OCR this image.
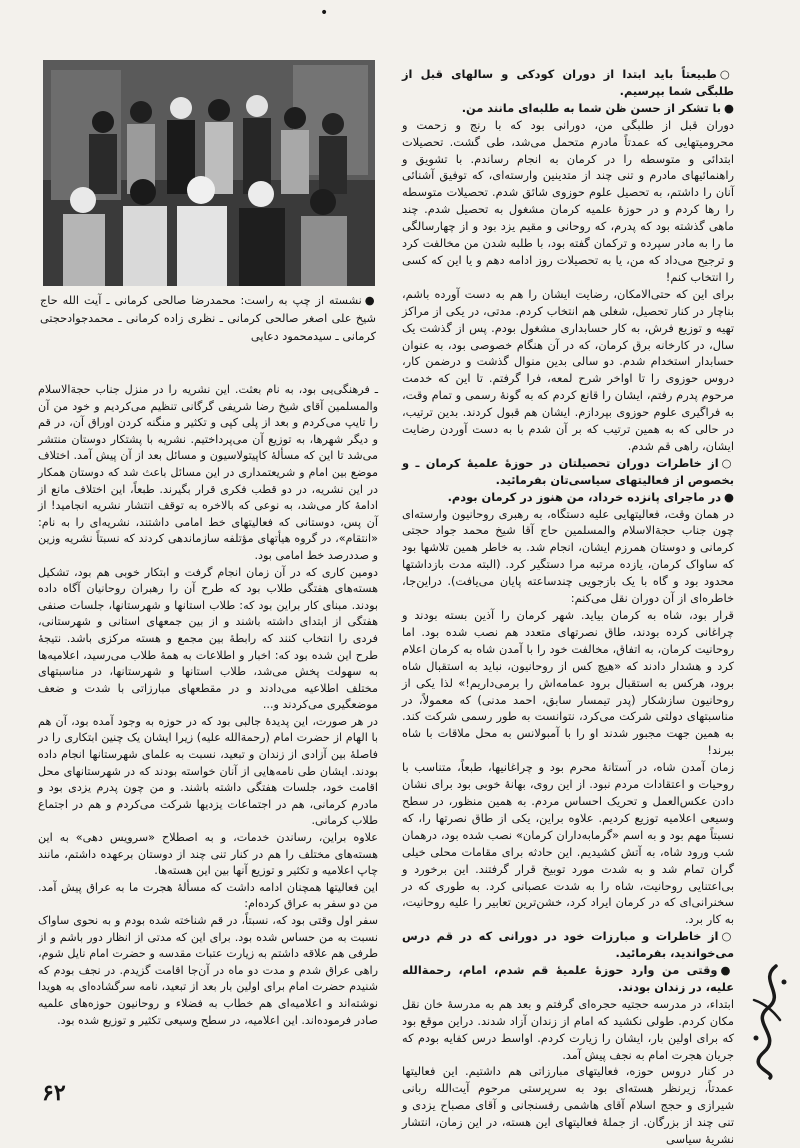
•
●نشسته از چپ به راست: محمدرضا صالحی کرمانی ـ آیت الله حاج شیخ علی اصغر صالحی کرمانی ـ نظری زاده کرمانی ـ محمدجوادحجتی کرمانی ـ سیدمحمود دعایی

○طبیعتاً باید ابتدا از دوران کودکی و سالهای قبل از طلبگی شما بپرسیم.

●با تشکر از حسن ظن شما به طلبه‌ای مانند من.

دوران قبل از طلبگی من، دورانی بود که با رنج و زحمت و محرومیتهایی که عمدتاً مادرم متحمل می‌شد، طی گشت. تحصیلات ابتدائی و متوسطه را در کرمان به انجام رساندم. با تشویق و راهنمائیهای مادرم و تنی چند از متدینین وارسته‌ای، که توفیق آشنائی آنان را داشتم، به تحصیل علوم حوزوی شائق شدم. تحصیلات متوسطه را رها کردم و در حوزهٔ علمیه کرمان مشغول به تحصیل شدم. چند ماهی گذشته بود که پدرم، که روحانی و مقیم یزد بود و از چهارسالگی ما را به مادر سپرده و ترکمان گفته بود، با طلبه شدن من مخالفت کرد و ترجیح می‌داد که من، یا به تحصیلات روز ادامه دهم و یا این که کسی را انتخاب کنم!

برای این که حتی‌الامکان، رضایت ایشان را هم به دست آورده باشم، بناچار در کنار تحصیل، شغلی هم انتخاب کردم. مدتی، در یکی از مراکز تهیه و توزیع فرش، به کار حسابداری مشغول بودم. پس از گذشت یک سال، در کارخانه برق کرمان، که در آن هنگام خصوصی بود، به عنوان حسابدار استخدام شدم. دو سالی بدین منوال گذشت و درضمن کار، دروس حوزوی را تا اواخر شرح لمعه، فرا گرفتم. تا این که خدمت مرحوم پدرم رفتم، ایشان را قانع کردم که به گونهٔ رسمی و تمام وقت، به فراگیری علوم حوزوی بپردازم. ایشان هم قبول کردند. بدین ترتیب، در حالی که به همین ترتیب که بر آن شدم با به دست آوردن رضایت ایشان، راهی قم شدم.

○از خاطرات دوران تحصیلتان در حوزهٔ علمیهٔ کرمان ـ و بخصوص از فعالیتهای سیاسی‌تان بفرمائید.

●در ماجرای پانزده خرداد، من هنوز در کرمان بودم.

در همان وقت، فعالیتهایی علیه دستگاه، به رهبری روحانیون وارسته‌ای چون جناب حجةالاسلام والمسلمین حاج آقا شیخ محمد جواد حجتی کرمانی و دوستان همرزم ایشان، انجام شد. به خاطر همین تلاشها بود که ساواک کرمان، یازده مرتبه مرا دستگیر کرد. (البته مدت بازداشتها محدود بود و گاه با یک بازجویی چندساعته پایان می‌یافت). دراین‌جا، خاطره‌ای از آن دوران نقل می‌کنم:

قرار بود، شاه به کرمان بیاید. شهر کرمان را آذین بسته بودند و چراغانی کرده بودند، طاق نصرتهای متعدد هم نصب شده بود. اما روحانیت کرمان، به اتفاق، مخالفت خود را با آمدن شاه به کرمان اعلام کرد و هشدار دادند که «هیچ کس از روحانیون، نباید به استقبال شاه برود، هرکس به استقبال برود عمامه‌اش را برمی‌داریم!» لذا یکی از روحانیون سازشکار (پدر تیمسار سابق، احمد مدنی) که معمولاً، در مناسبتهای دولتی شرکت می‌کرد، نتوانست به طور رسمی شرکت کند. به همین جهت مجبور شدند او را با آمبولانس به محل ملاقات با شاه ببرند!

زمان آمدن شاه، در آستانهٔ محرم بود و چراغانیها، طبعاً، متناسب با روحیات و اعتقادات مردم نبود. از این روی، بهانهٔ خوبی بود برای نشان دادن عکس‌العمل و تحریک احساس مردم. به همین منظور، در سطح وسیعی اعلامیه توزیع کردیم. علاوه براین، یکی از طاق نصرتها را، که نسبتاً مهم بود و به اسم «گرمابه‌داران کرمان» نصب شده بود، درهمان شب ورود شاه، به آتش کشیدیم. این حادثه برای مقامات محلی خیلی گران تمام شد و به شدت مورد توبیخ قرار گرفتند. این برخورد و بی‌اعتنایی روحانیت، شاه را به شدت عصبانی کرد. به طوری که در سخنرانی‌ای که در کرمان ایراد کرد، خشن‌ترین تعابیر را علیه روحانیت، به کار برد.

○از خاطرات و مبارزات خود در دورانی که در قم درس می‌خواندید، بفرمائید.

●وقتی من وارد حوزهٔ علمیهٔ قم شدم، امام، رحمةالله علیه، در زندان بودند.

ابتداء، در مدرسه حجتیه حجره‌ای گرفتم و بعد هم به مدرسهٔ خان نقل مکان کردم. طولی نکشید که امام از زندان آزاد شدند. دراین موقع بود که برای اولین بار، ایشان را زیارت کردم. اواسط درس کفایه بودم که جریان هجرت امام به نجف پیش آمد.

در کنار دروس حوزه، فعالیتهای مبارزاتی هم داشتیم. این فعالیتها عمدتاً، زیرنظر هسته‌ای بود به سرپرستی مرحوم آیت‌الله ربانی شیرازی و حجج اسلام آقای هاشمی رفسنجانی و آقای مصباح یزدی و تنی چند از بزرگان. از جملهٔ فعالیتهای این هسته، در این زمان، انتشار نشریهٔ سیاسی

ـ فرهنگی‌یی بود، به نام بعثت. این نشریه را در منزل جناب حجةالاسلام والمسلمین آقای شیخ رضا شریفی گرگانی تنظیم می‌کردیم و خود من آن را تایپ می‌کردم و بعد از پلی کپی و تکثیر و منگنه کردن اوراق آن، در قم و دیگر شهرها، به توزیع آن می‌پرداختیم. نشریه با پشتکار دوستان منتشر می‌شد تا این که مسألهٔ کاپیتولاسیون و مسائل بعد از آن پیش آمد. اختلاف موضع بین امام و شریعتمداری در این مسائل باعث شد که دوستان همکار در این نشریه، در دو قطب فکری قرار بگیرند. طبعاً، این اختلاف مانع از ادامهٔ کار می‌شد، به نوعی که بالاخره به توقف انتشار نشریه انجامید! از آن پس، دوستانی که فعالیتهای خط امامی داشتند، نشریه‌ای را به نام: «انتقام»، در گروه هیأتهای مؤتلفه سازماندهی کردند که نسبتاً نشریه وزین و صددرصد خط امامی بود.

دومین کاری که در آن زمان انجام گرفت و ابتکار خوبی هم بود، تشکیل هسته‌های هفتگی طلاب بود که طرح آن را رهبران روحانیان آگاه داده بودند. مبنای کار براین بود که: طلاب استانها و شهرستانها، جلسات صنفی هفتگی از ابتدای داشته باشند و از بین جمعهای استانی و شهرستانی، فردی را انتخاب کنند که رابطهٔ بین مجمع و هسته مرکزی باشد. نتیجهٔ طرح این شده بود که: اخبار و اطلاعات به همهٔ طلاب می‌رسید، اعلامیه‌ها به سهولت پخش می‌شد، طلاب استانها و شهرستانها، در مناسبتهای مختلف اطلاعیه می‌دادند و در مقطعهای مبارزاتی با شدت و ضعف موضعگیری می‌کردند و...

در هر صورت، این پدیدهٔ جالبی بود که در حوزه به وجود آمده بود، آن هم با الهام از حضرت امام (رحمةالله علیه) زیرا ایشان یک چنین ابتکاری را در فاصلهٔ بین آزادی از زندان و تبعید، نسبت به علمای شهرستانها انجام داده بودند. ایشان طی نامه‌هایی از آنان خواسته بودند که در شهرستانهای محل اقامت خود، جلسات هفتگی داشته باشند. و من چون پدرم یزدی بود و مادرم کرمانی، هم در اجتماعات یزدیها شرکت می‌کردم و هم در اجتماع طلاب کرمانی.

علاوه براین، رساندن خدمات، و به اصطلاح «سرویس دهی» به این هسته‌های مختلف را هم در کنار تنی چند از دوستان برعهده داشتم، مانند چاپ اعلامیه و تکثیر و توزیع آنها بین این هسته‌ها.

این فعالیتها همچنان ادامه داشت که مسألهٔ هجرت ما به عراق پیش آمد. من دو سفر به عراق کرده‌ام:

سفر اول وقتی بود که، نسبتاً، در قم شناخته شده بودم و به نحوی ساواک نسبت به من حساس شده بود. برای این که مدتی از انظار دور باشم و از طرفی هم علاقه داشتم به زیارت عتبات مقدسه و حضرت امام نایل شوم، راهی عراق شدم و مدت دو ماه در آن‌جا اقامت گزیدم. در نجف بودم که شنیدم حضرت امام برای اولین بار بعد از تبعید، نامه سرگشاده‌ای به هویدا نوشته‌اند و اعلامیه‌ای هم خطاب به فضلاء و روحانیون حوزه‌های علمیه صادر فرموده‌اند. این اعلامیه، در سطح وسیعی تکثیر و توزیع شده بود.

۶۲
